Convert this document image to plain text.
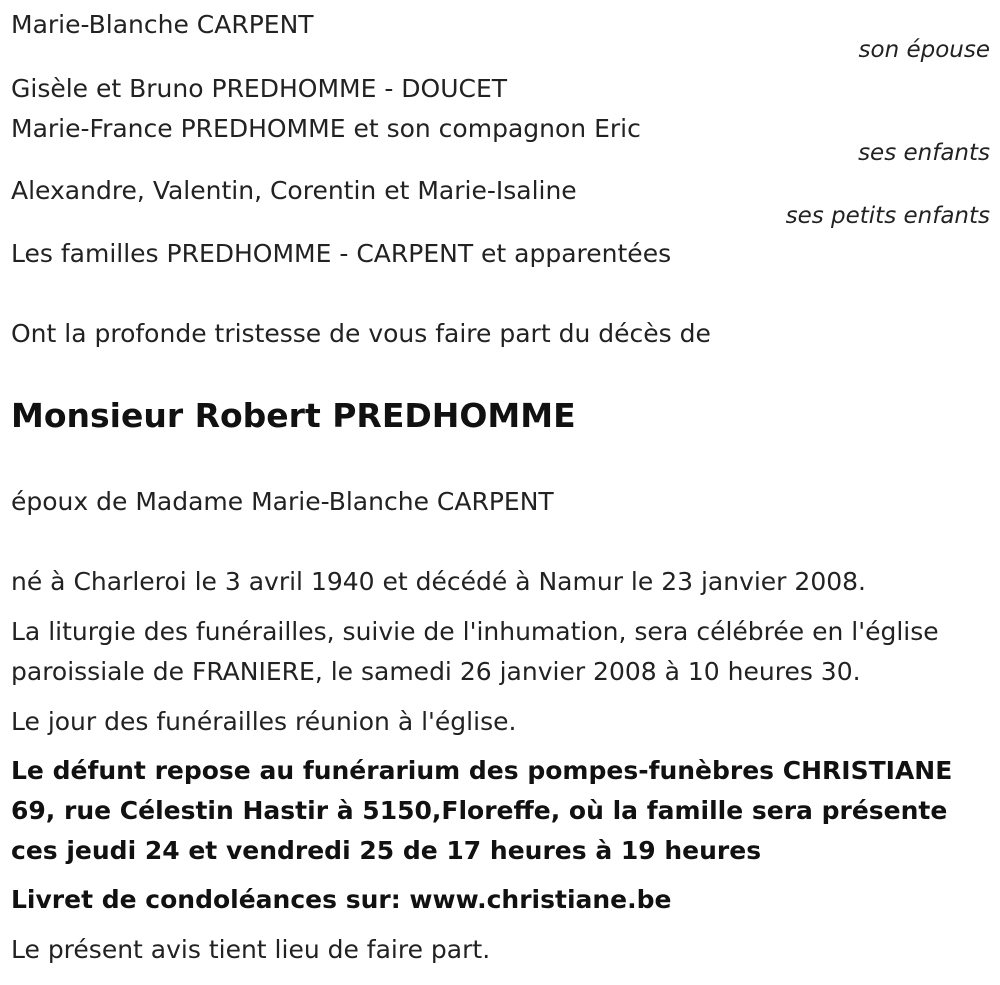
Marie-Blanche CARPENT
son épouse
Gisèle et Bruno PREDHOMME - DOUCET
Marie-France PREDHOMME et son compagnon Eric
ses enfants
Alexandre, Valentin, Corentin et Marie-Isaline
ses petits enfants
Les familles PREDHOMME - CARPENT et apparentées
Ont la profonde tristesse de vous faire part du décès de
Monsieur Robert PREDHOMME
époux de Madame Marie-Blanche CARPENT
né à Charleroi le 3 avril 1940 et décédé à Namur le 23 janvier 2008.
La liturgie des funérailles, suivie de l'inhumation, sera célébrée en l'église paroissiale de FRANIERE, le samedi 26 janvier 2008 à 10 heures 30.
Le jour des funérailles réunion à l'église.
Le défunt repose au funérarium des pompes-funèbres CHRISTIANE 69, rue Célestin Hastir à 5150,Floreffe, où la famille sera présente ces jeudi 24 et vendredi 25 de 17 heures à 19 heures
Livret de condoléances sur: www.christiane.be
Le présent avis tient lieu de faire part.
